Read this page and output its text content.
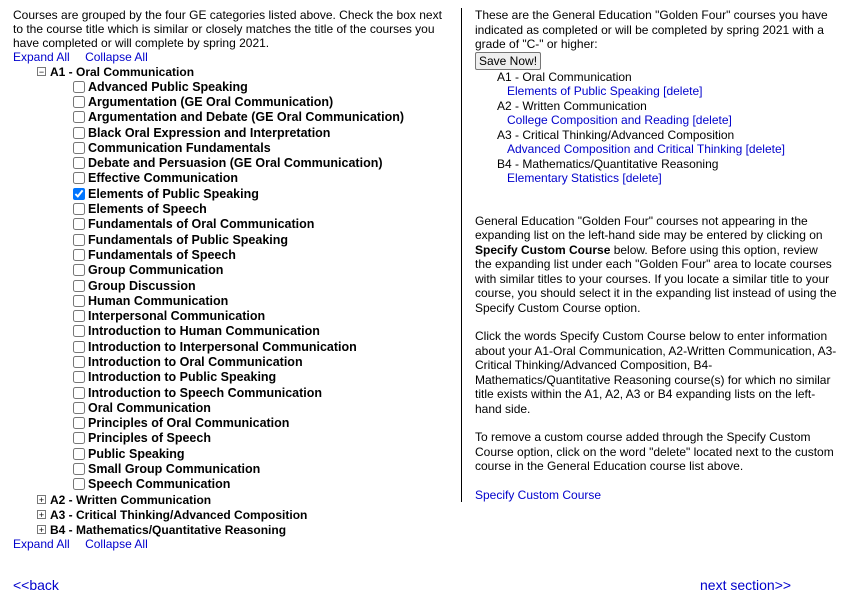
Courses are grouped by the four GE categories listed above. Check the box next to the course title which is similar or closely matches the title of the courses you have completed or will complete by spring 2021.
Expand All Collapse All
− A1 - Oral Communication
Advanced Public Speaking
Argumentation (GE Oral Communication)
Argumentation and Debate (GE Oral Communication)
Black Oral Expression and Interpretation
Communication Fundamentals
Debate and Persuasion (GE Oral Communication)
Effective Communication
Elements of Public Speaking
Elements of Speech
Fundamentals of Oral Communication
Fundamentals of Public Speaking
Fundamentals of Speech
Group Communication
Group Discussion
Human Communication
Interpersonal Communication
Introduction to Human Communication
Introduction to Interpersonal Communication
Introduction to Oral Communication
Introduction to Public Speaking
Introduction to Speech Communication
Oral Communication
Principles of Oral Communication
Principles of Speech
Public Speaking
Small Group Communication
Speech Communication
+ A2 - Written Communication
+ A3 - Critical Thinking/Advanced Composition
+ B4 - Mathematics/Quantitative Reasoning
Expand All Collapse All
These are the General Education "Golden Four" courses you have indicated as completed or will be completed by spring 2021 with a grade of "C-" or higher:
Save Now!
A1 - Oral Communication
Elements of Public Speaking [delete]
A2 - Written Communication
College Composition and Reading [delete]
A3 - Critical Thinking/Advanced Composition
Advanced Composition and Critical Thinking [delete]
B4 - Mathematics/Quantitative Reasoning
Elementary Statistics [delete]

General Education "Golden Four" courses not appearing in the expanding list on the left-hand side may be entered by clicking on Specify Custom Course below. Before using this option, review the expanding list under each "Golden Four" area to locate courses with similar titles to your courses. If you locate a similar title to your course, you should select it in the expanding list instead of using the Specify Custom Course option.

Click the words Specify Custom Course below to enter information about your A1-Oral Communication, A2-Written Communication, A3-Critical Thinking/Advanced Composition, B4-Mathematics/Quantitative Reasoning course(s) for which no similar title exists within the A1, A2, A3 or B4 expanding lists on the left-hand side.

To remove a custom course added through the Specify Custom Course option, click on the word "delete" located next to the custom course in the General Education course list above.

Specify Custom Course

<<back	next section>>
